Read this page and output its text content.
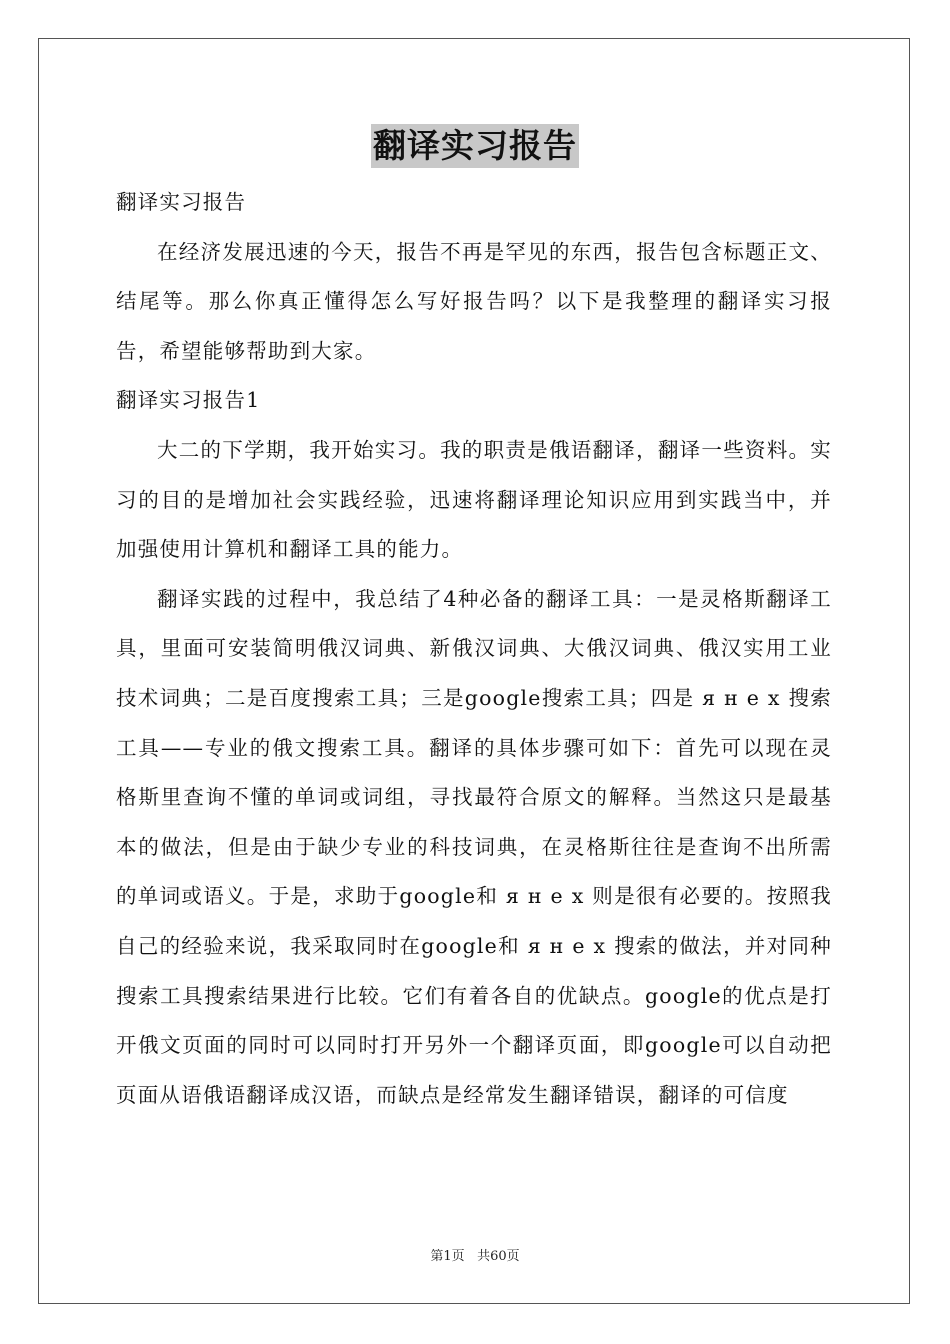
翻译实习报告

翻译实习报告

在经济发展迅速的今天，报告不再是罕见的东西，报告包含标题正文、结尾等。那么你真正懂得怎么写好报告吗？以下是我整理的翻译实习报告，希望能够帮助到大家。

翻译实习报告1

大二的下学期，我开始实习。我的职责是俄语翻译，翻译一些资料。实习的目的是增加社会实践经验，迅速将翻译理论知识应用到实践当中，并加强使用计算机和翻译工具的能力。

翻译实践的过程中，我总结了4种必备的翻译工具：一是灵格斯翻译工具，里面可安装简明俄汉词典、新俄汉词典、大俄汉词典、俄汉实用工业技术词典；二是百度搜索工具；三是google搜索工具；四是 я н е х 搜索工具——专业的俄文搜索工具。翻译的具体步骤可如下：首先可以现在灵格斯里查询不懂的单词或词组，寻找最符合原文的解释。当然这只是最基本的做法，但是由于缺少专业的科技词典，在灵格斯往往是查询不出所需的单词或语义。于是，求助于google和 я н е х 则是很有必要的。按照我自己的经验来说，我采取同时在google和 я н е х 搜索的做法，并对同种搜索工具搜索结果进行比较。它们有着各自的优缺点。google的优点是打开俄文页面的同时可以同时打开另外一个翻译页面，即google可以自动把页面从语俄语翻译成汉语，而缺点是经常发生翻译错误，翻译的可信度

第1页 共60页
